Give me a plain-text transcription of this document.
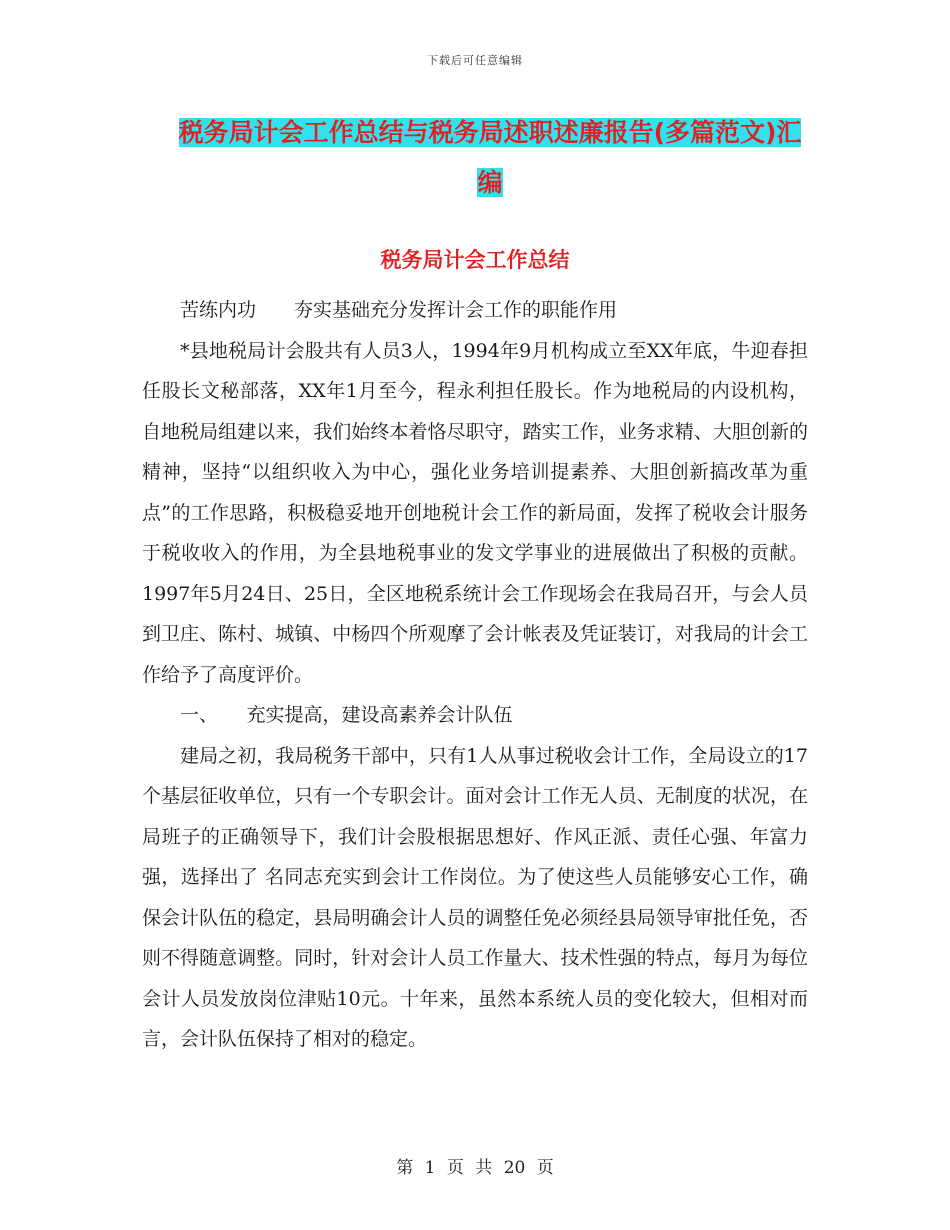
下载后可任意编辑
税务局计会工作总结与税务局述职述廉报告(多篇范文)汇编
税务局计会工作总结

苦练内功　　夯实基础充分发挥计会工作的职能作用

*县地税局计会股共有人员3人，1994年9月机构成立至XX年底，牛迎春担任股长文秘部落，XX年1月至今，程永利担任股长。作为地税局的内设机构，自地税局组建以来，我们始终本着恪尽职守，踏实工作，业务求精、大胆创新的精神，坚持“以组织收入为中心，强化业务培训提素养、大胆创新搞改革为重点”的工作思路，积极稳妥地开创地税计会工作的新局面，发挥了税收会计服务于税收收入的作用，为全县地税事业的发文学事业的进展做出了积极的贡献。1997年5月24日、25日，全区地税系统计会工作现场会在我局召开，与会人员到卫庄、陈村、城镇、中杨四个所观摩了会计帐表及凭证装订，对我局的计会工作给予了高度评价。

一、　　充实提高，建设高素养会计队伍

建局之初，我局税务干部中，只有1人从事过税收会计工作，全局设立的17个基层征收单位，只有一个专职会计。面对会计工作无人员、无制度的状况，在局班子的正确领导下，我们计会股根据思想好、作风正派、责任心强、年富力强，选择出了 名同志充实到会计工作岗位。为了使这些人员能够安心工作，确保会计队伍的稳定，县局明确会计人员的调整任免必须经县局领导审批任免，否则不得随意调整。同时，针对会计人员工作量大、技术性强的特点，每月为每位会计人员发放岗位津贴10元。十年来，虽然本系统人员的变化较大，但相对而言，会计队伍保持了相对的稳定。

第 1 页 共 20 页
